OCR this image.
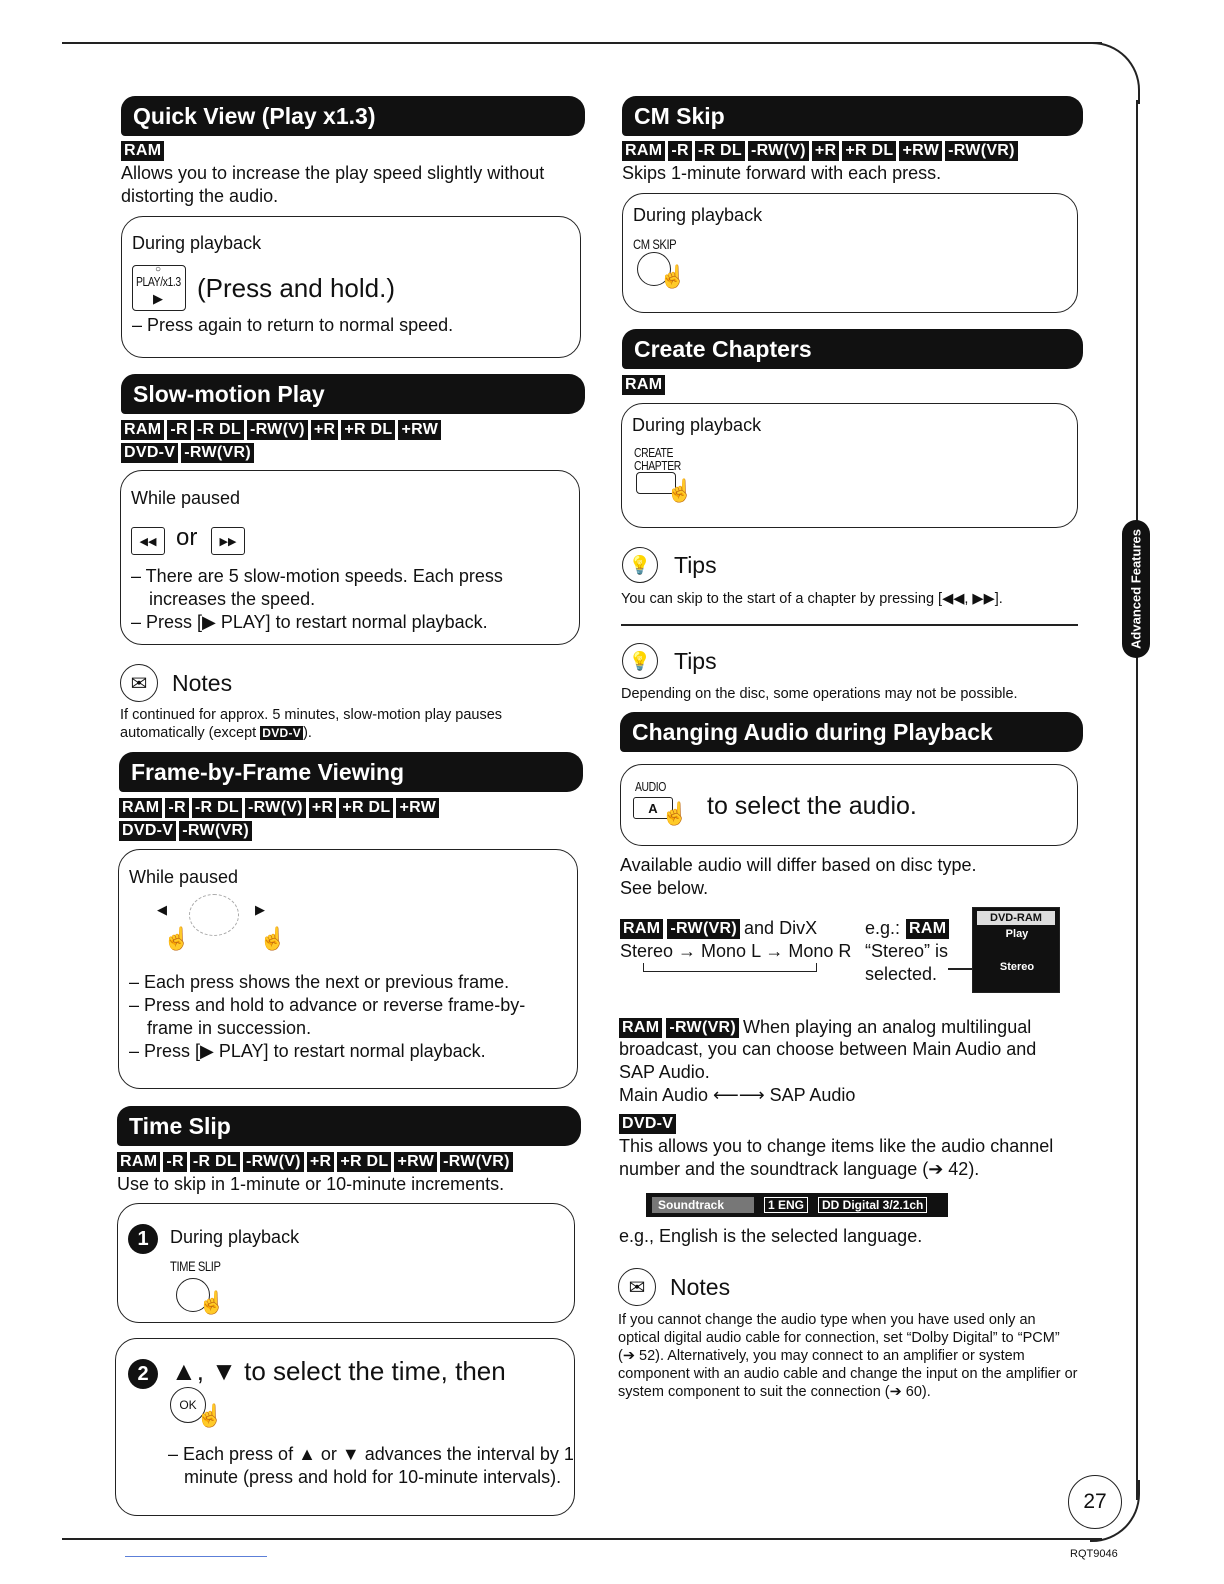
Advanced Features
27
RQT9046
Quick View (Play x1.3)
RAM
Allows you to increase the play speed slightly without distorting the audio.
During playback
○
PLAY/x1.3
▶ (Press and hold.)
– Press again to return to normal speed.
Slow-motion Play
RAM -R -R DL -RW(V) +R +R DL +RW
DVD-V -RW(VR)
While paused
◀◀ or ▶▶
– There are 5 slow-motion speeds. Each press increases the speed.
– Press [▶ PLAY] to restart normal playback.
✉	Notes
If continued for approx. 5 minutes, slow-motion play pauses automatically (except DVD-V ).
Frame-by-Frame Viewing
RAM -R -R DL -RW(V) +R +R DL +RW
DVD-V -RW(VR)
While paused
◀	▶
☝	☝
– Each press shows the next or previous frame.
– Press and hold to advance or reverse frame-by-frame in succession.
– Press [▶ PLAY] to restart normal playback.
Time Slip
RAM -R -R DL -RW(V) +R +R DL +RW -RW(VR)
Use to skip in 1-minute or 10-minute increments.
1	During playback
TIME SLIP
☝
2 ▲, ▼ to select the time, then
OK ☝
– Each press of ▲ or ▼ advances the interval by 1 minute (press and hold for 10-minute intervals).
CM Skip
RAM -R -R DL -RW(V) +R +R DL +RW -RW(VR)
Skips 1-minute forward with each press.
During playback
CM SKIP
☝
Create Chapters
RAM
During playback
CREATE
CHAPTER
☝
💡 Tips
You can skip to the start of a chapter by pressing [◀◀, ▶▶].
💡 Tips
Depending on the disc, some operations may not be possible.
Changing Audio during Playback
AUDIO
A ☝ to select the audio.
Available audio will differ based on disc type.
See below.
RAM -RW(VR) and DivX
Stereo → Mono L → Mono R
e.g.: RAM
“Stereo” is
selected.
DVD-RAM
Play
Stereo
RAM -RW(VR) When playing an analog multilingual
broadcast, you can choose between Main Audio and SAP Audio.
Main Audio ⟵⟶ SAP Audio
DVD-V
This allows you to change items like the audio channel number and the soundtrack language (➔ 42).
Soundtrack	1 ENG	DD Digital 3/2.1ch
e.g., English is the selected language.
✉	Notes
If you cannot change the audio type when you have used only an optical digital audio cable for connection, set “Dolby Digital” to “PCM” (➔ 52). Alternatively, you may connect to an amplifier or system component with an audio cable and change the input on the amplifier or system component to suit the connection (➔ 60).
